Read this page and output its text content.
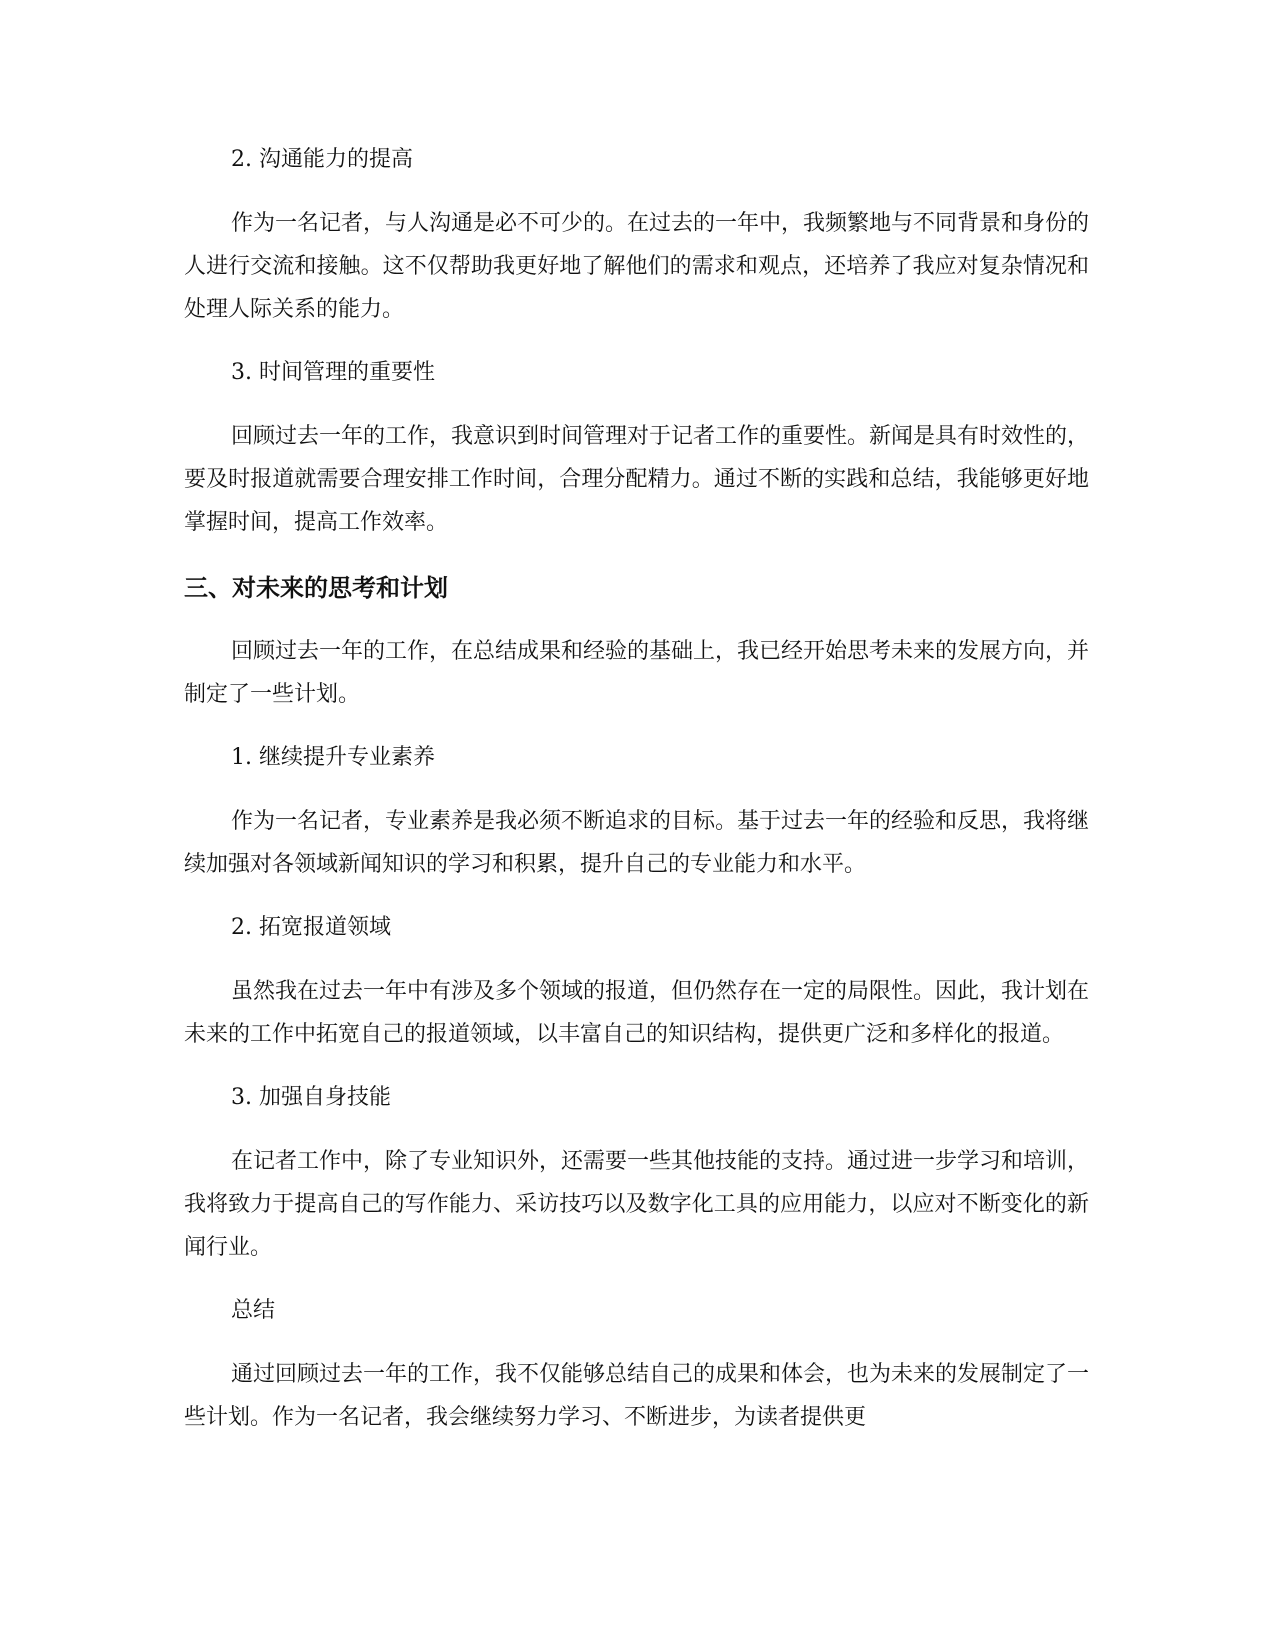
2. 沟通能力的提高

作为一名记者，与人沟通是必不可少的。在过去的一年中，我频繁地与不同背景和身份的人进行交流和接触。这不仅帮助我更好地了解他们的需求和观点，还培养了我应对复杂情况和处理人际关系的能力。

3. 时间管理的重要性

回顾过去一年的工作，我意识到时间管理对于记者工作的重要性。新闻是具有时效性的，要及时报道就需要合理安排工作时间，合理分配精力。通过不断的实践和总结，我能够更好地掌握时间，提高工作效率。

三、对未来的思考和计划

回顾过去一年的工作，在总结成果和经验的基础上，我已经开始思考未来的发展方向，并制定了一些计划。

1. 继续提升专业素养

作为一名记者，专业素养是我必须不断追求的目标。基于过去一年的经验和反思，我将继续加强对各领域新闻知识的学习和积累，提升自己的专业能力和水平。

2. 拓宽报道领域

虽然我在过去一年中有涉及多个领域的报道，但仍然存在一定的局限性。因此，我计划在未来的工作中拓宽自己的报道领域，以丰富自己的知识结构，提供更广泛和多样化的报道。

3. 加强自身技能

在记者工作中，除了专业知识外，还需要一些其他技能的支持。通过进一步学习和培训，我将致力于提高自己的写作能力、采访技巧以及数字化工具的应用能力，以应对不断变化的新闻行业。

总结

通过回顾过去一年的工作，我不仅能够总结自己的成果和体会，也为未来的发展制定了一些计划。作为一名记者，我会继续努力学习、不断进步，为读者提供更
